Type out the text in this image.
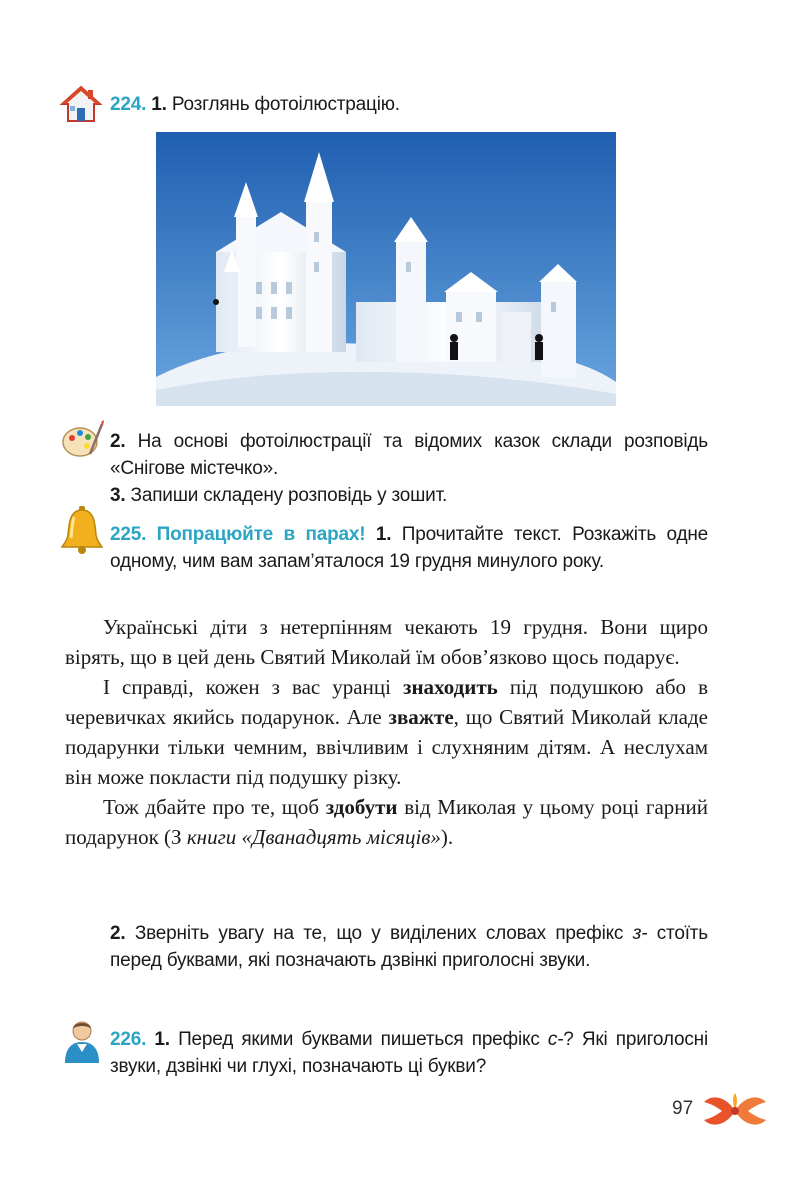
224. 1. Розглянь фотоілюстрацію.
2. На основі фотоілюстрації та відомих казок склади розповідь «Снігове містечко».
3. Запиши складену розповідь у зошит.
225. Попрацюйте в парах! 1. Прочитайте текст. Розкажіть одне одному, чим вам запам’яталося 19 грудня минулого року.

Українські діти з нетерпінням чекають 19 грудня. Вони щиро вірять, що в цей день Святий Миколай їм обов’язково щось подарує.

І справді, кожен з вас уранці знаходить під подушкою або в черевичках якийсь подарунок. Але зважте, що Святий Миколай кладе подарунки тільки чемним, ввічливим і слухняним дітям. А неслухам він може покласти під подушку різку.

Тож дбайте про те, щоб здобути від Миколая у цьому році гарний подарунок (З книги «Дванадцять місяців»).

2. Зверніть увагу на те, що у виділених словах префікс з- стоїть перед буквами, які позначають дзвінкі приголосні звуки.
226. 1. Перед якими буквами пишеться префікс с-? Які приголосні звуки, дзвінкі чи глухі, позначають ці букви?
97
